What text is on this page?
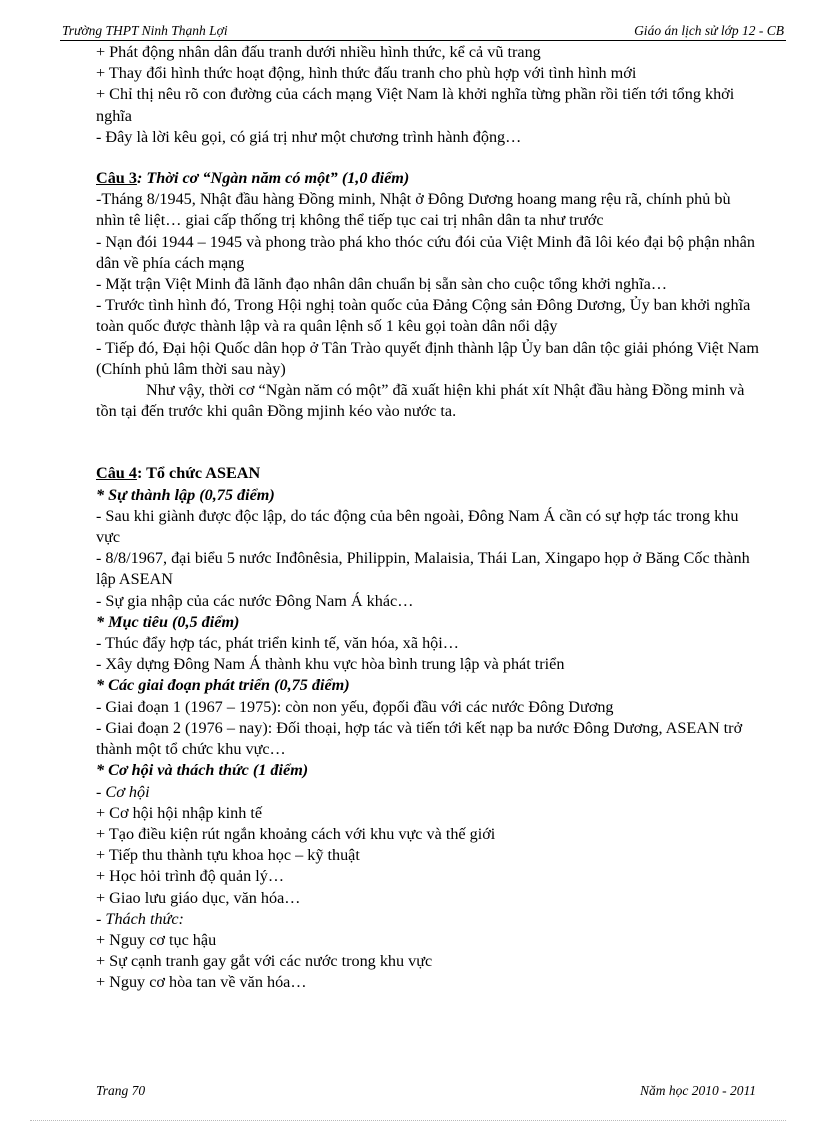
Trường THPT Ninh Thạnh Lợi	Giáo án lịch sử lớp 12 - CB

+ Phát động nhân dân đấu tranh dưới nhiều hình thức, kể cả vũ trang

+ Thay đổi hình thức hoạt động, hình thức đấu tranh cho phù hợp với tình hình mới

+ Chỉ thị nêu rõ con đường của cách mạng Việt Nam là khởi nghĩa từng phần rồi tiến tới tổng khởi nghĩa

- Đây là lời kêu gọi, có giá trị như một chương trình hành động…

Câu 3: Thời cơ “Ngàn năm có một” (1,0 điểm)

-Tháng 8/1945, Nhật đầu hàng Đồng minh, Nhật ở Đông Dương hoang mang rệu rã, chính phủ bù nhìn tê liệt… giai cấp thống trị không thể tiếp tục cai trị nhân dân ta như trước

- Nạn đói 1944 – 1945 và phong trào phá kho thóc cứu đói của Việt Minh đã lôi kéo đại bộ phận nhân dân về phía cách mạng

- Mặt trận Việt Minh đã lãnh đạo nhân dân chuẩn bị sẵn sàn cho cuộc tổng khởi nghĩa…

- Trước tình hình đó, Trong Hội nghị toàn quốc của Đảng Cộng sản Đông Dương, Ủy ban khởi nghĩa toàn quốc được thành lập và ra quân lệnh số 1 kêu gọi toàn dân nổi dậy

- Tiếp đó, Đại hội Quốc dân họp ở Tân Trào quyết định thành lập Ủy ban dân tộc giải phóng Việt Nam (Chính phủ lâm thời sau này)

Như vậy, thời cơ “Ngàn năm có một” đã xuất hiện khi phát xít Nhật đầu hàng Đồng minh và tồn tại đến trước khi quân Đồng mjinh kéo vào nước ta.

Câu 4: Tổ chức ASEAN

* Sự thành lập (0,75 điểm)

- Sau khi giành được độc lập, do tác động của bên ngoài, Đông Nam Á cần có sự hợp tác trong khu vực

- 8/8/1967, đại biểu 5 nước Inđônêsia, Philippin, Malaisia, Thái Lan, Xingapo họp ở Băng Cốc thành lập ASEAN

- Sự gia nhập của các nước Đông Nam Á khác…

* Mục tiêu (0,5 điểm)

- Thúc đẩy hợp tác, phát triển kinh tế, văn hóa, xã hội…

- Xây dựng Đông Nam Á thành khu vực hòa bình trung lập và phát triển

* Các giai đoạn phát triển (0,75 điểm)

- Giai đoạn 1 (1967 – 1975): còn non yếu, đọpối đầu với các nước Đông Dương

- Giai đoạn 2 (1976 – nay): Đối thoại, hợp tác và tiến tới kết nạp ba nước Đông Dương, ASEAN trở thành một tổ chức khu vực…

* Cơ hội và thách thức (1 điểm)

- Cơ hội

+ Cơ hội hội nhập kinh tế

+ Tạo điều kiện rút ngắn khoảng cách với khu vực và thế giới

+ Tiếp thu thành tựu khoa học – kỹ thuật

+ Học hỏi trình độ quản lý…

+ Giao lưu giáo dục, văn hóa…

- Thách thức:

+ Nguy cơ tục hậu

+ Sự cạnh tranh gay gắt với các nước trong khu vực

+ Nguy cơ hòa tan về văn hóa…

Trang 70	Năm học 2010 - 2011
